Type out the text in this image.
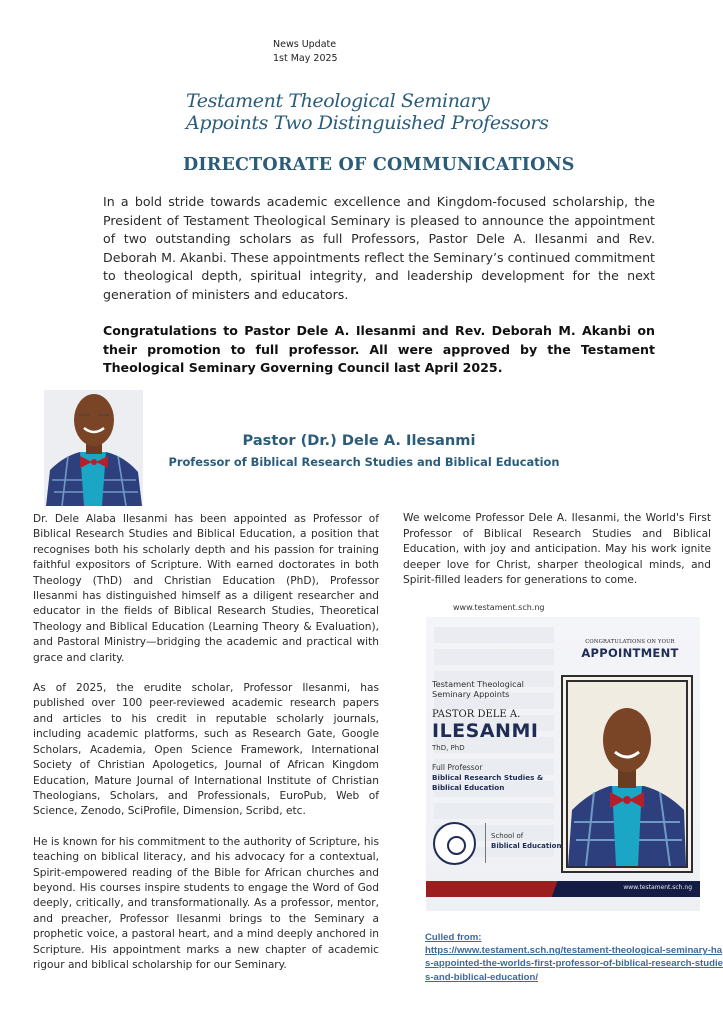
News Update
1st May 2025
Testament Theological Seminary
Appoints Two Distinguished Professors
DIRECTORATE OF COMMUNICATIONS

In a bold stride towards academic excellence and Kingdom-focused scholarship, the President of Testament Theological Seminary is pleased to announce the appointment of two outstanding scholars as full Professors, Pastor Dele A. Ilesanmi and Rev. Deborah M. Akanbi. These appointments reflect the Seminary’s continued commitment to theological depth, spiritual integrity, and leadership development for the next generation of ministers and educators.

Congratulations to Pastor Dele A. Ilesanmi and Rev. Deborah M. Akanbi on their promotion to full professor. All were approved by the Testament Theological Seminary Governing Council last April 2025.

Pastor (Dr.) Dele A. Ilesanmi
Professor of Biblical Research Studies and Biblical Education

Dr. Dele Alaba Ilesanmi has been appointed as Professor of Biblical Research Studies and Biblical Education, a position that recognises both his scholarly depth and his passion for training faithful expositors of Scripture. With earned doctorates in both Theology (ThD) and Christian Education (PhD), Professor Ilesanmi has distinguished himself as a diligent researcher and educator in the fields of Biblical Research Studies, Theoretical Theology and Biblical Education (Learning Theory & Evaluation), and Pastoral Ministry—bridging the academic and practical with grace and clarity.

As of 2025, the erudite scholar, Professor Ilesanmi, has published over 100 peer-reviewed academic research papers and articles to his credit in reputable scholarly journals, including academic platforms, such as Research Gate, Google Scholars, Academia, Open Science Framework, International Society of Christian Apologetics, Journal of African Kingdom Education, Mature Journal of International Institute of Christian Theologians, Scholars, and Professionals, EuroPub, Web of Science, Zenodo, SciProfile, Dimension, Scribd, etc.

He is known for his commitment to the authority of Scripture, his teaching on biblical literacy, and his advocacy for a contextual, Spirit-empowered reading of the Bible for African churches and beyond. His courses inspire students to engage the Word of God deeply, critically, and transformationally. As a professor, mentor, and preacher, Professor Ilesanmi brings to the Seminary a prophetic voice, a pastoral heart, and a mind deeply anchored in Scripture. His appointment marks a new chapter of academic rigour and biblical scholarship for our Seminary.

We welcome Professor Dele A. Ilesanmi, the World's First Professor of Biblical Research Studies and Biblical Education, with joy and anticipation. May his work ignite deeper love for Christ, sharper theological minds, and Spirit-filled leaders for generations to come.

www.testament.sch.ng
CONGRATULATIONS ON YOUR
APPOINTMENT
Testament Theological Seminary Appoints
PASTOR DELE A.
ILESANMI
ThD, PhD
Full Professor
Biblical Research Studies & Biblical Education
School of
Biblical Education
www.testament.sch.ng
Culled from:
https://www.testament.sch.ng/testament-theological-seminary-has-appointed-the-worlds-first-professor-of-biblical-research-studies-and-biblical-education/
